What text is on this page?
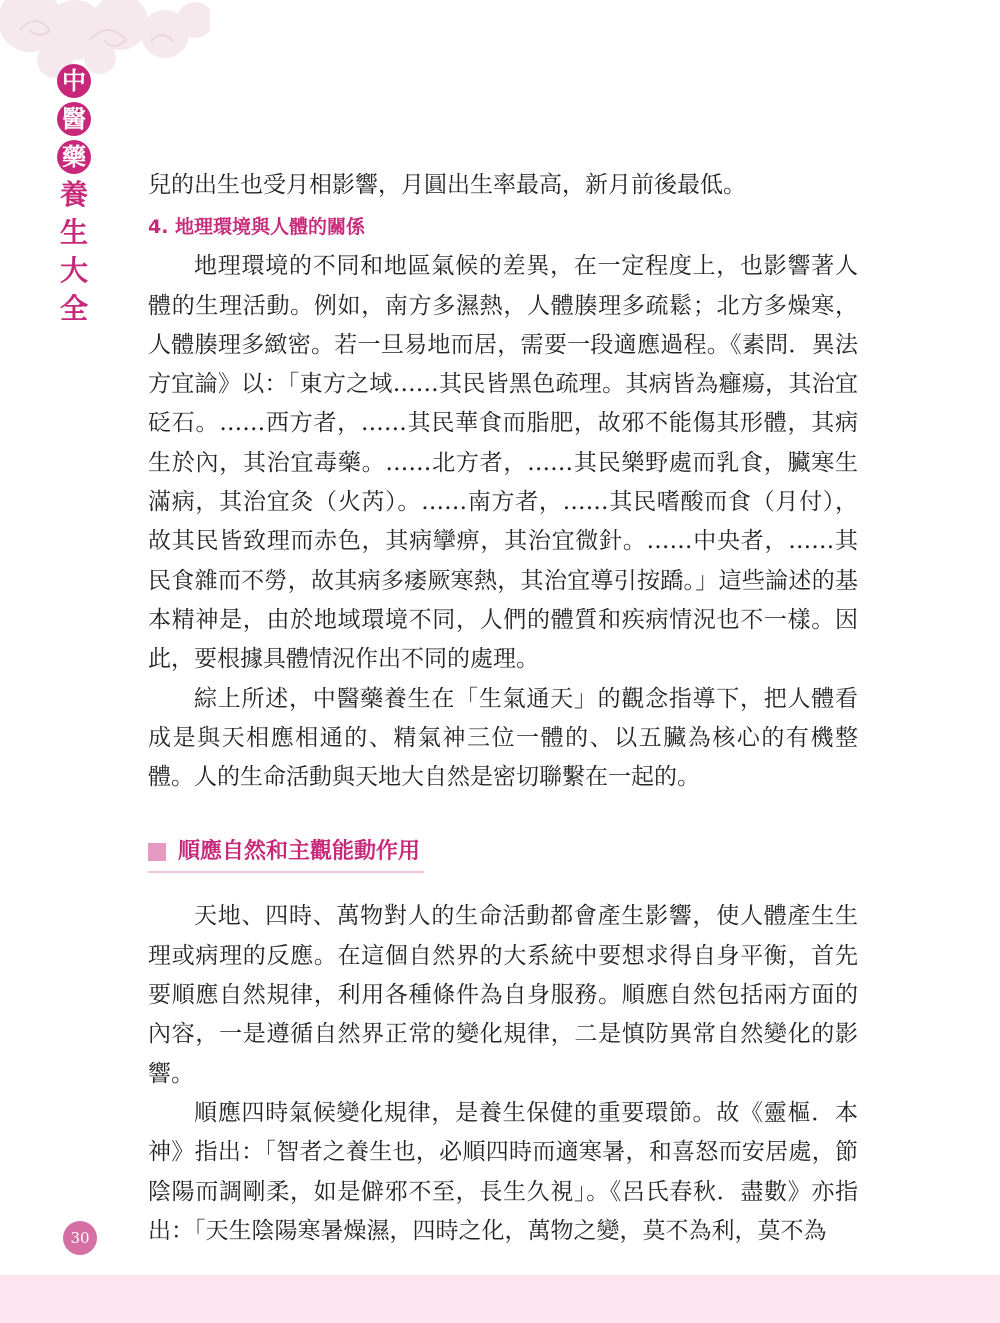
中
醫
藥
養
生
大
全

兒的出生也受月相影響，月圓出生率最高，新月前後最低。

4. 地理環境與人體的關係

地理環境的不同和地區氣候的差異，在一定程度上，也影響著人體的生理活動。例如，南方多濕熱，人體腠理多疏鬆；北方多燥寒，人體腠理多緻密。若一旦易地而居，需要一段適應過程。《素問．異法方宜論》以：「東方之域……其民皆黑色疏理。其病皆為癰瘍，其治宜砭石。……西方者，……其民華食而脂肥，故邪不能傷其形體，其病生於內，其治宜毒藥。……北方者，……其民樂野處而乳食，臟寒生滿病，其治宜灸（火芮）。……南方者，……其民嗜酸而食（月付），故其民皆致理而赤色，其病攣痹，其治宜微針。……中央者，……其民食雜而不勞，故其病多痿厥寒熱，其治宜導引按蹻。」這些論述的基本精神是，由於地域環境不同，人們的體質和疾病情況也不一樣。因此，要根據具體情況作出不同的處理。

綜上所述，中醫藥養生在「生氣通天」的觀念指導下，把人體看成是與天相應相通的、精氣神三位一體的、以五臟為核心的有機整體。人的生命活動與天地大自然是密切聯繫在一起的。

順應自然和主觀能動作用

天地、四時、萬物對人的生命活動都會產生影響，使人體產生生理或病理的反應。在這個自然界的大系統中要想求得自身平衡，首先要順應自然規律，利用各種條件為自身服務。順應自然包括兩方面的內容，一是遵循自然界正常的變化規律，二是慎防異常自然變化的影響。

順應四時氣候變化規律，是養生保健的重要環節。故《靈樞．本神》指出：「智者之養生也，必順四時而適寒暑，和喜怒而安居處，節陰陽而調剛柔，如是僻邪不至，長生久視」。《呂氏春秋．盡數》亦指出：「天生陰陽寒暑燥濕，四時之化，萬物之變，莫不為利，莫不為

30
